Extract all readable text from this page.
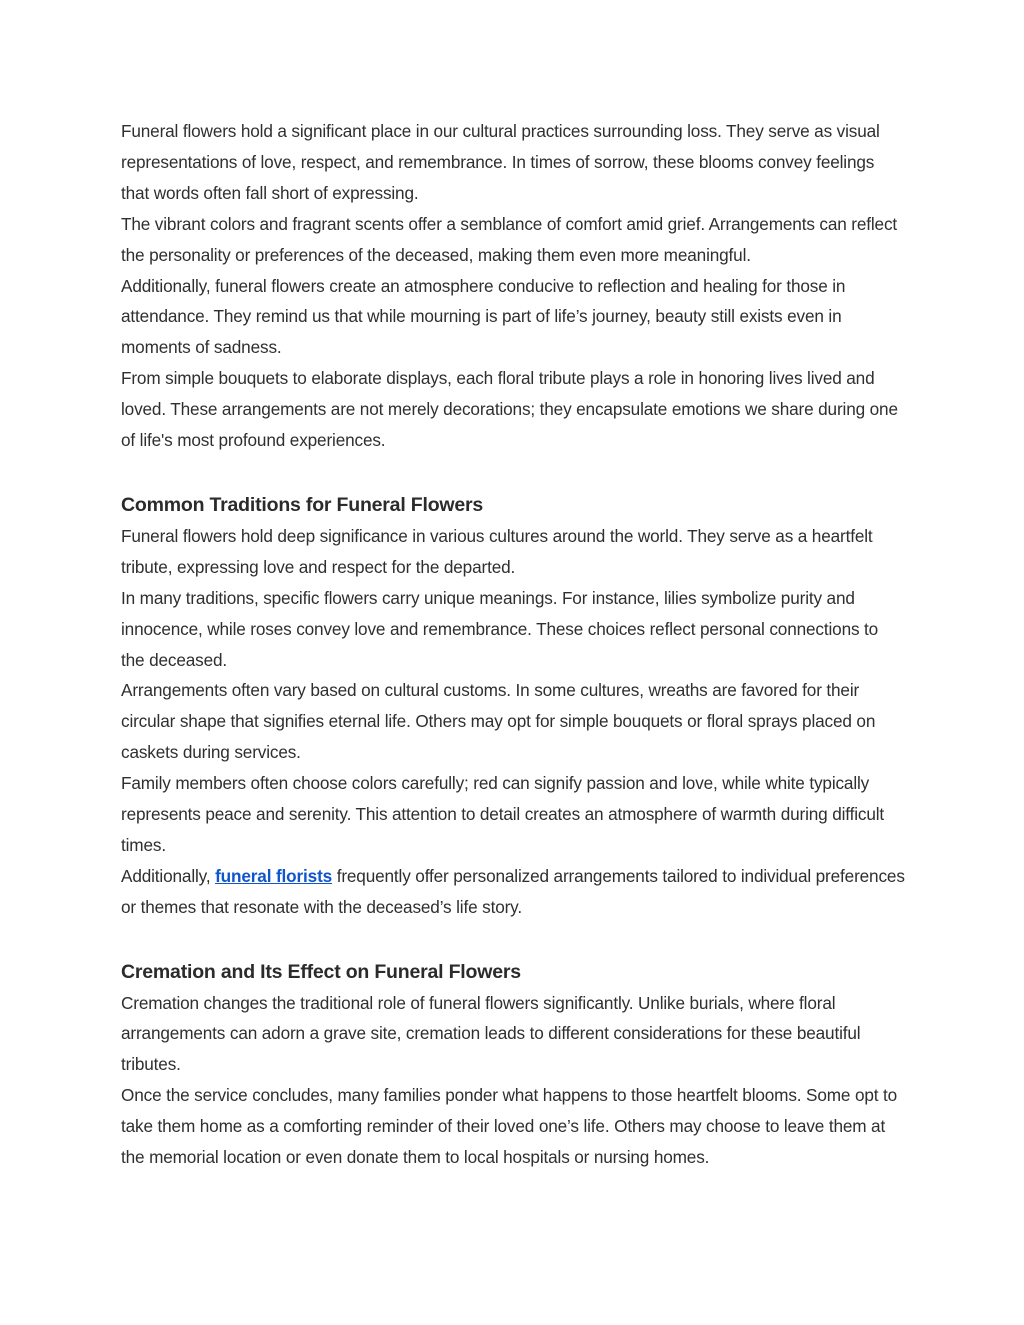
Funeral flowers hold a significant place in our cultural practices surrounding loss. They serve as visual representations of love, respect, and remembrance. In times of sorrow, these blooms convey feelings that words often fall short of expressing.

The vibrant colors and fragrant scents offer a semblance of comfort amid grief. Arrangements can reflect the personality or preferences of the deceased, making them even more meaningful.

Additionally, funeral flowers create an atmosphere conducive to reflection and healing for those in attendance. They remind us that while mourning is part of life’s journey, beauty still exists even in moments of sadness.

From simple bouquets to elaborate displays, each floral tribute plays a role in honoring lives lived and loved. These arrangements are not merely decorations; they encapsulate emotions we share during one of life's most profound experiences.

Common Traditions for Funeral Flowers

Funeral flowers hold deep significance in various cultures around the world. They serve as a heartfelt tribute, expressing love and respect for the departed.

In many traditions, specific flowers carry unique meanings. For instance, lilies symbolize purity and innocence, while roses convey love and remembrance. These choices reflect personal connections to the deceased.

Arrangements often vary based on cultural customs. In some cultures, wreaths are favored for their circular shape that signifies eternal life. Others may opt for simple bouquets or floral sprays placed on caskets during services.

Family members often choose colors carefully; red can signify passion and love, while white typically represents peace and serenity. This attention to detail creates an atmosphere of warmth during difficult times.

Additionally, funeral florists frequently offer personalized arrangements tailored to individual preferences or themes that resonate with the deceased’s life story.

Cremation and Its Effect on Funeral Flowers

Cremation changes the traditional role of funeral flowers significantly. Unlike burials, where floral arrangements can adorn a grave site, cremation leads to different considerations for these beautiful tributes.

Once the service concludes, many families ponder what happens to those heartfelt blooms. Some opt to take them home as a comforting reminder of their loved one’s life. Others may choose to leave them at the memorial location or even donate them to local hospitals or nursing homes.
